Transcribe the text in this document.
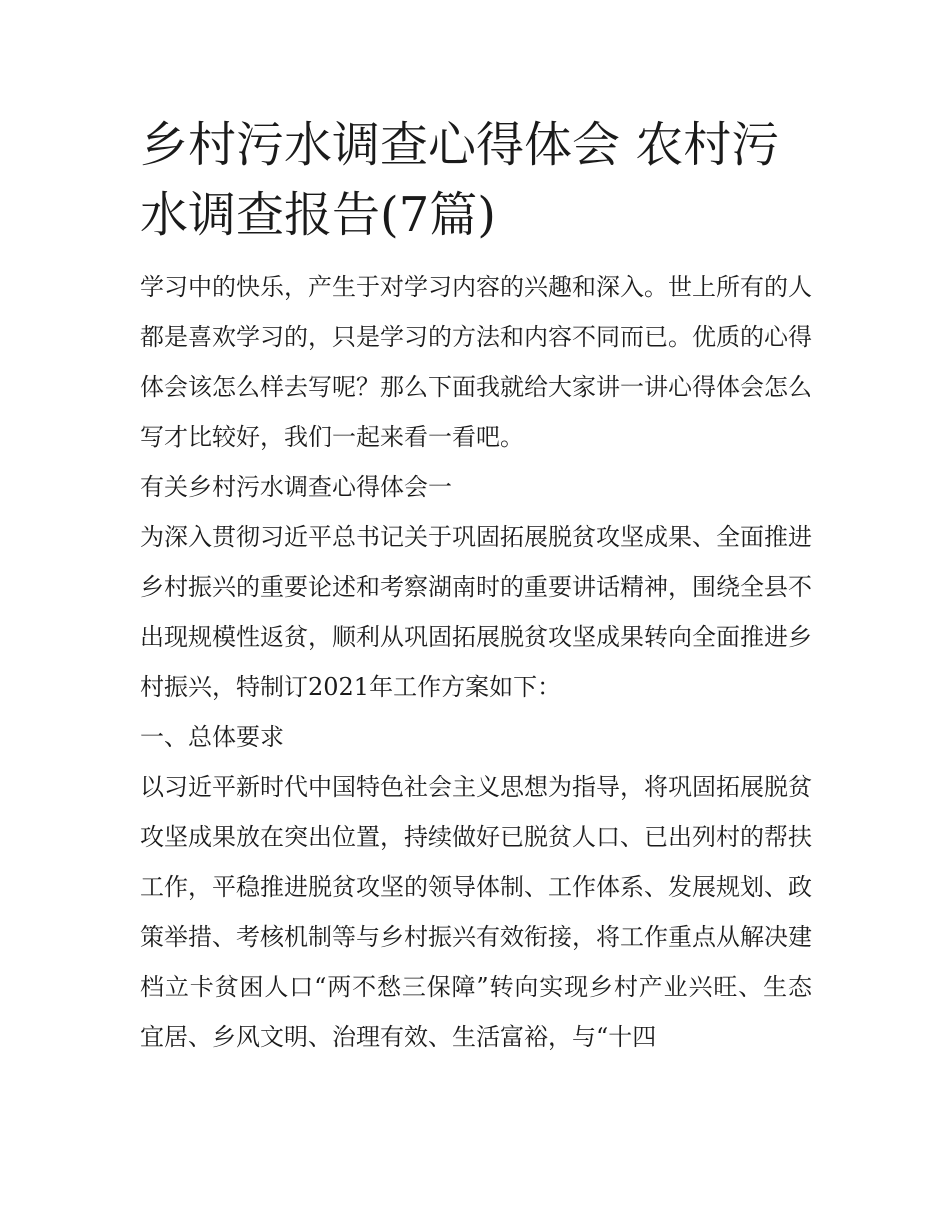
乡村污水调查心得体会 农村污水调查报告(7篇)

学习中的快乐，产生于对学习内容的兴趣和深入。世上所有的人都是喜欢学习的，只是学习的方法和内容不同而已。优质的心得体会该怎么样去写呢？那么下面我就给大家讲一讲心得体会怎么写才比较好，我们一起来看一看吧。

有关乡村污水调查心得体会一

为深入贯彻习近平总书记关于巩固拓展脱贫攻坚成果、全面推进乡村振兴的重要论述和考察湖南时的重要讲话精神，围绕全县不出现规模性返贫，顺利从巩固拓展脱贫攻坚成果转向全面推进乡村振兴，特制订2021年工作方案如下：

一、总体要求

以习近平新时代中国特色社会主义思想为指导，将巩固拓展脱贫攻坚成果放在突出位置，持续做好已脱贫人口、已出列村的帮扶工作，平稳推进脱贫攻坚的领导体制、工作体系、发展规划、政策举措、考核机制等与乡村振兴有效衔接，将工作重点从解决建档立卡贫困人口“两不愁三保障”转向实现乡村产业兴旺、生态宜居、乡风文明、治理有效、生活富裕，与“十四
